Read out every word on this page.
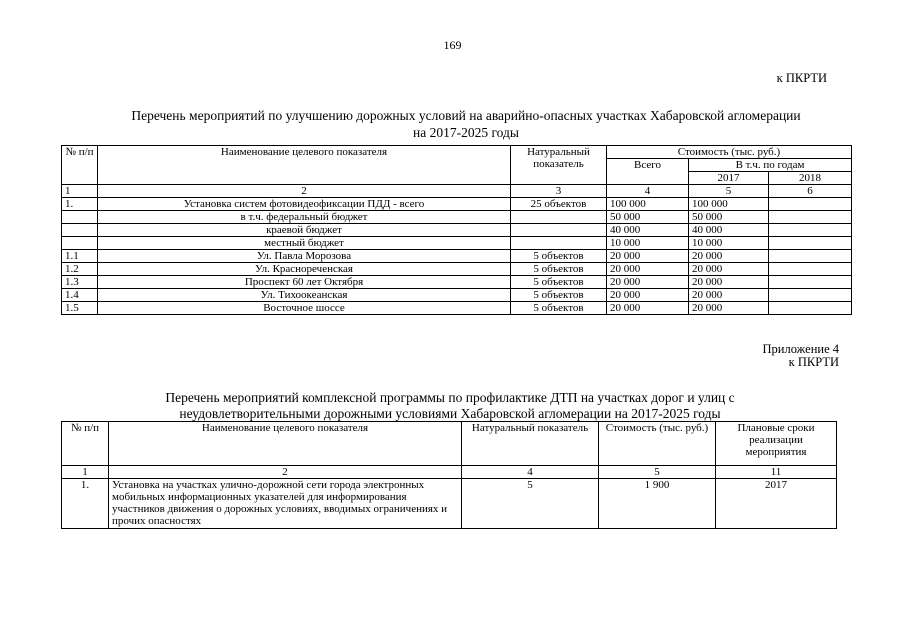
169
к ПКРТИ
Перечень мероприятий по улучшению дорожных условий на аварийно-опасных участках Хабаровской агломерации
на 2017-2025 годы
№ п/п	Наименование целевого показателя	Натуральный показатель	Стоимость (тыс. руб.)		
			Всего	В т.ч. по годам	
				2017	2018
1	2	3	4	5	6
1.	Установка систем фотовидеофиксации ПДД - всего	25 объектов	100 000	100 000	
	в т.ч. федеральный бюджет		50 000	50 000	
	краевой бюджет		40 000	40 000	
	местный бюджет		10 000	10 000	
1.1	Ул. Павла Морозова	5 объектов	20 000	20 000	
1.2	Ул. Краснореченская	5 объектов	20 000	20 000	
1.3	Проспект 60 лет Октября	5 объектов	20 000	20 000	
1.4	Ул. Тихоокеанская	5 объектов	20 000	20 000	
1.5	Восточное шоссе	5 объектов	20 000	20 000	
Приложение 4
к ПКРТИ
Перечень мероприятий комплексной программы по профилактике ДТП на участках дорог и улиц с
неудовлетворительными дорожными условиями Хабаровской агломерации на 2017-2025 годы
№ п/п	Наименование целевого показателя	Натуральный показатель	Стоимость (тыс. руб.)	Плановые сроки реализации мероприятия
1	2	4	5	11
1.	Установка на участках улично-дорожной сети города электронных мобильных информационных указателей для информирования участников движения о дорожных условиях, вводимых ограничениях и прочих опасностях	5	1 900	2017
